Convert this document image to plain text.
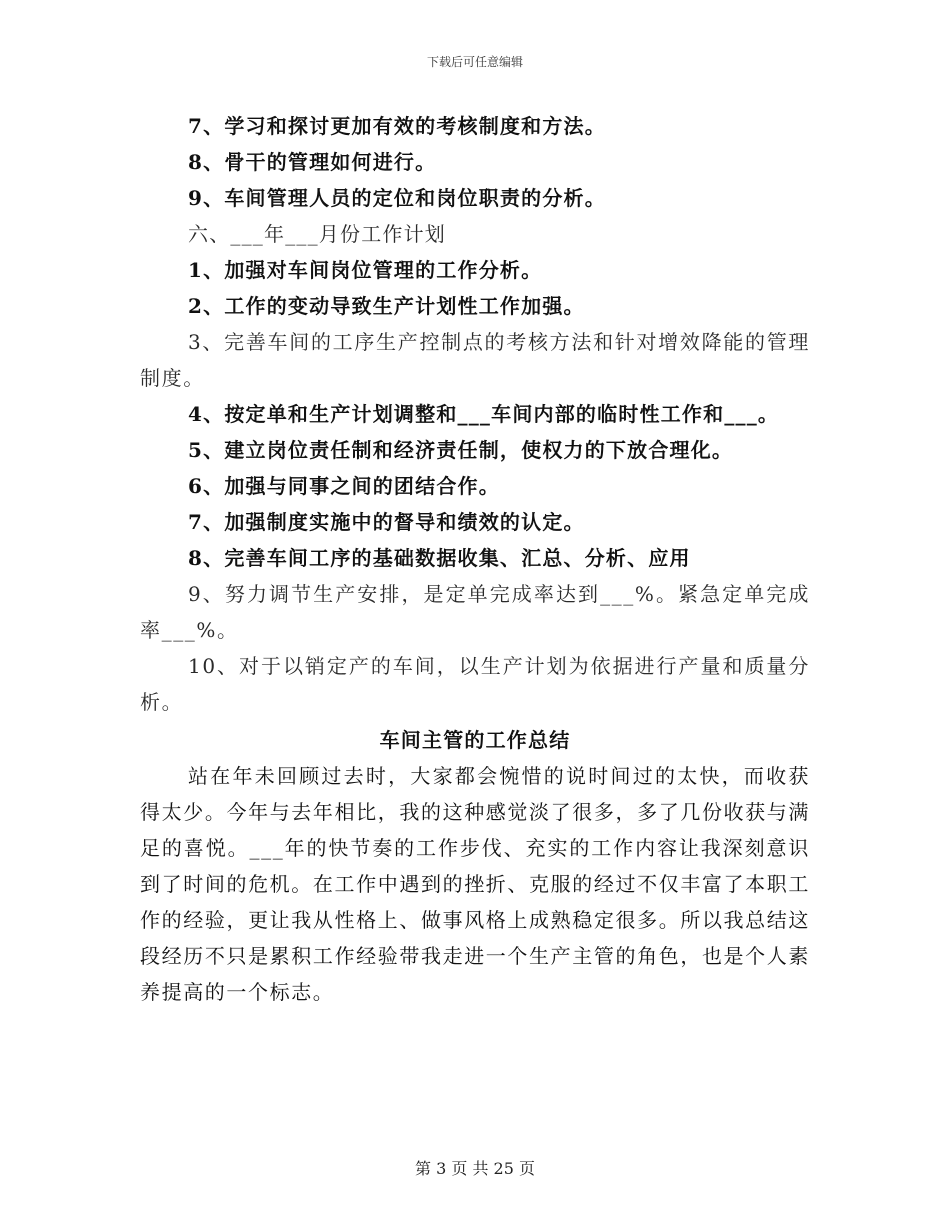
下载后可任意编辑
7、学习和探讨更加有效的考核制度和方法。
8、骨干的管理如何进行。
9、车间管理人员的定位和岗位职责的分析。
六、___年___月份工作计划
1、加强对车间岗位管理的工作分析。
2、工作的变动导致生产计划性工作加强。
3、完善车间的工序生产控制点的考核方法和针对增效降能的管理制度。
4、按定单和生产计划调整和___车间内部的临时性工作和___。
5、建立岗位责任制和经济责任制，使权力的下放合理化。
6、加强与同事之间的团结合作。
7、加强制度实施中的督导和绩效的认定。
8、完善车间工序的基础数据收集、汇总、分析、应用
9、努力调节生产安排，是定单完成率达到___%。紧急定单完成率___%。
10、对于以销定产的车间，以生产计划为依据进行产量和质量分析。
车间主管的工作总结
站在年未回顾过去时，大家都会惋惜的说时间过的太快，而收获得太少。今年与去年相比，我的这种感觉淡了很多，多了几份收获与满足的喜悦。___年的快节奏的工作步伐、充实的工作内容让我深刻意识到了时间的危机。在工作中遇到的挫折、克服的经过不仅丰富了本职工作的经验，更让我从性格上、做事风格上成熟稳定很多。所以我总结这段经历不只是累积工作经验带我走进一个生产主管的角色，也是个人素养提高的一个标志。
第 3 页 共 25 页
